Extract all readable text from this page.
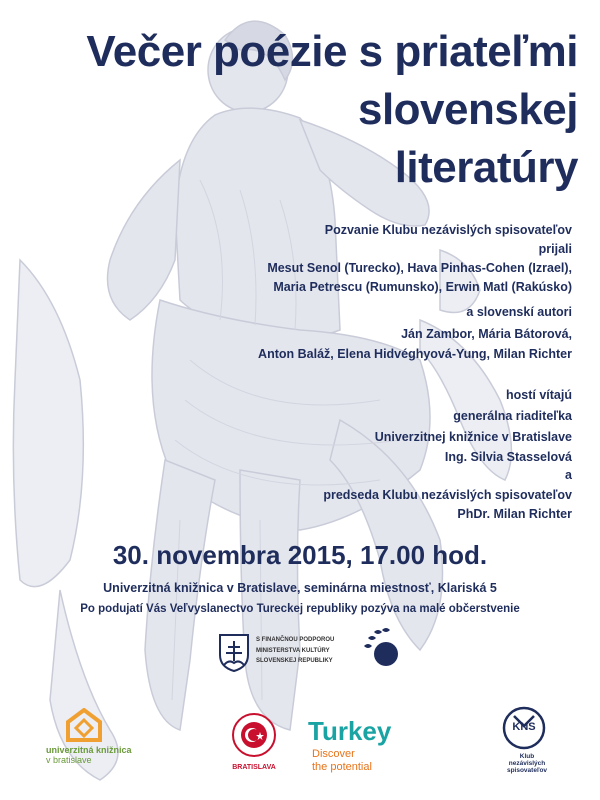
Večer poézie s priateľmi
slovenskej
literatúry
Pozvanie Klubu nezávislých spisovateľov
prijali
Mesut Senol (Turecko), Hava Pinhas-Cohen (Izrael),
Maria Petrescu (Rumunsko), Erwin Matl (Rakúsko)
a slovenskí autori
Ján Zambor, Mária Bátorová,
Anton Baláž, Elena Hidvéghyová-Yung, Milan Richter
hostí vítajú
generálna riaditeľka
Univerzitnej knižnice v Bratislave
Ing. Silvia Stasselová
a
predseda Klubu nezávislých spisovateľov
PhDr. Milan Richter
30. novembra 2015, 17.00 hod.
Univerzitná knižnica v Bratislave, seminárna miestnosť, Klariská 5
Po podujatí Vás Veľvyslanectvo Tureckej republiky pozýva na malé občerstvenie
S FINANČNOU PODPOROU
MINISTERSTVA KULTÚRY
SLOVENSKEJ REPUBLIKY
univerzitná knižnica
v bratislave
BRATISLAVA
Turkey
Discover
the potential
KNS
Klub
nezávislých
spisovateľov
